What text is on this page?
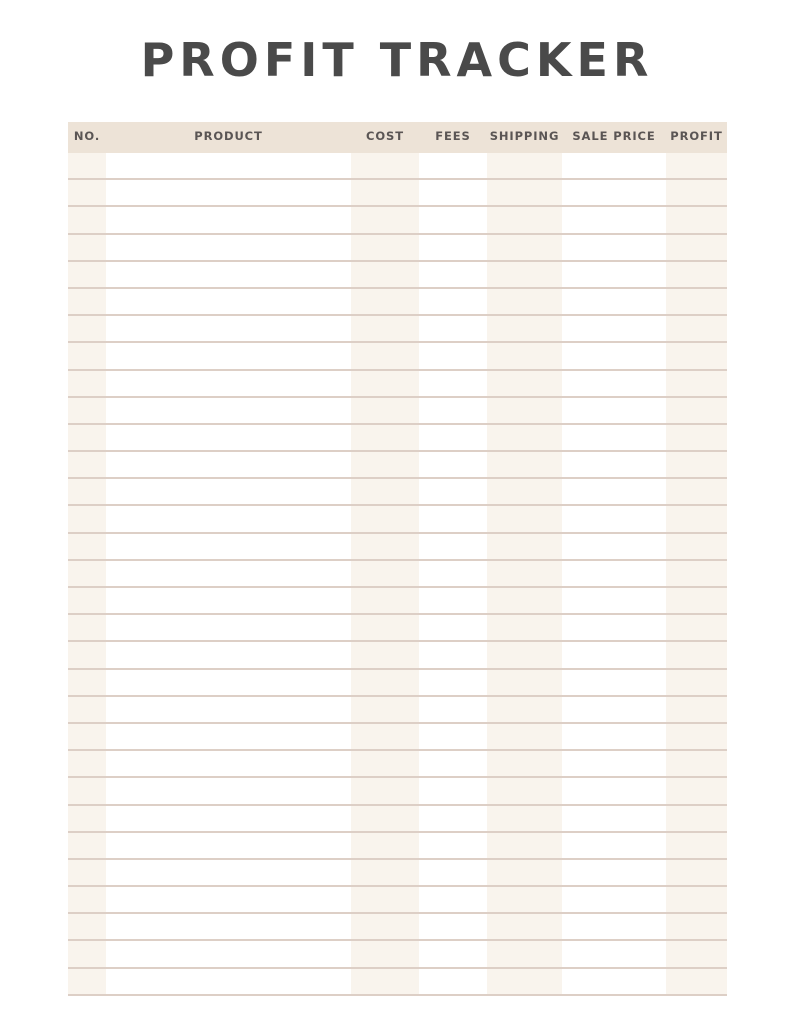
PROFIT TRACKER
NO.	PRODUCT	COST	FEES	SHIPPING	SALE PRICE	PROFIT
